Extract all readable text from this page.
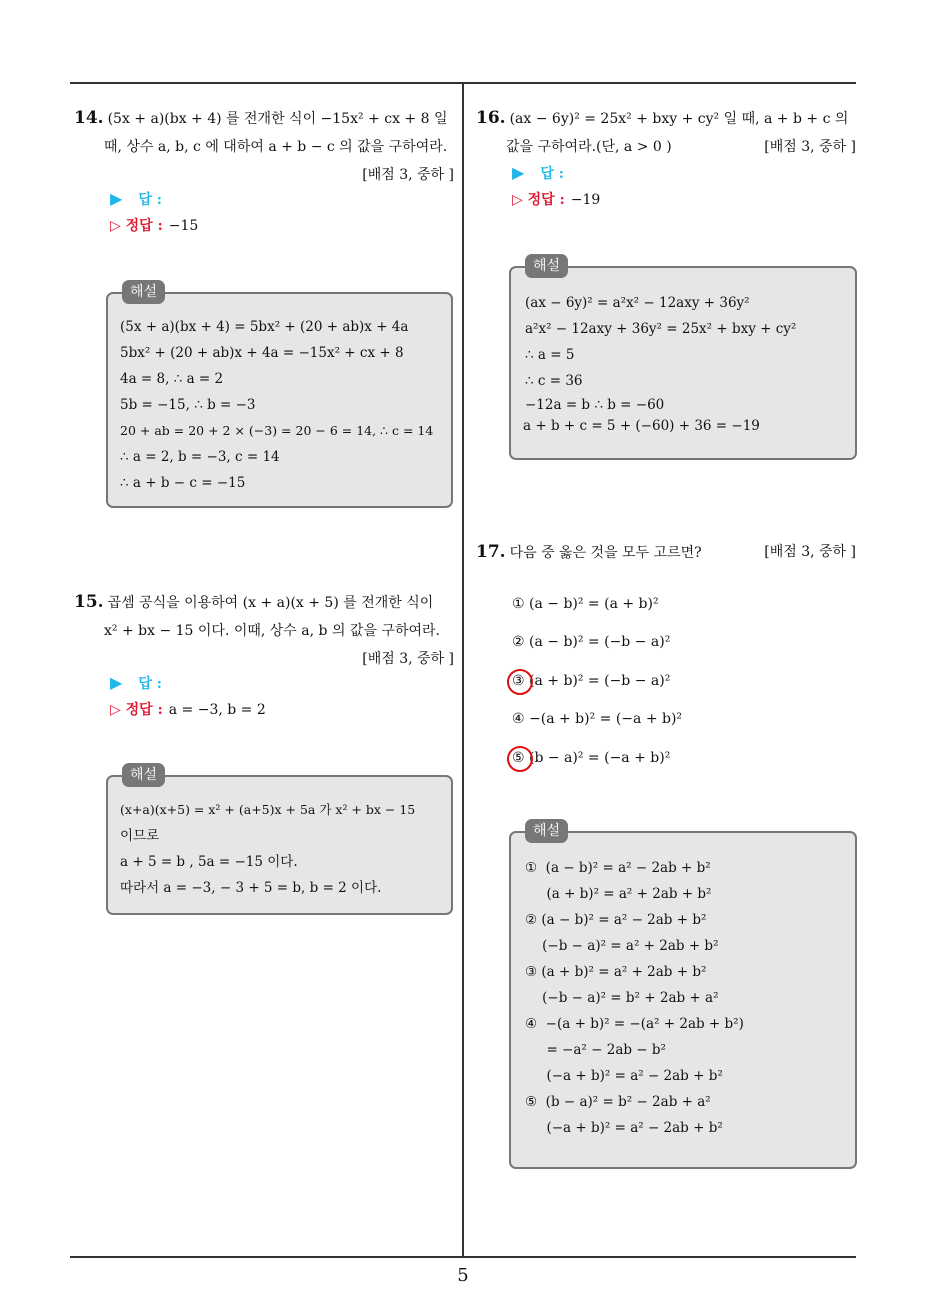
5
14. (5x + a)(bx + 4) 를 전개한 식이 −15x² + cx + 8 일
때, 상수 a, b, c 에 대하여 a + b − c 의 값을 구하여라.
[배점 3, 중하 ]
▶ 답 :
▷ 정답 : −15
해설
(5x + a)(bx + 4) = 5bx² + (20 + ab)x + 4a
5bx² + (20 + ab)x + 4a = −15x² + cx + 8
4a = 8, ∴ a = 2
5b = −15, ∴ b = −3
20 + ab = 20 + 2 × (−3) = 20 − 6 = 14, ∴ c = 14
∴ a = 2, b = −3, c = 14
∴ a + b − c = −15
15. 곱셈 공식을 이용하여 (x + a)(x + 5) 를 전개한 식이
x² + bx − 15 이다. 이때, 상수 a, b 의 값을 구하여라.
[배점 3, 중하 ]
▶ 답 :
▷ 정답 : a = −3, b = 2
해설
(x+a)(x+5) = x² + (a+5)x + 5a 가 x² + bx − 15
이므로
a + 5 = b , 5a = −15 이다.
따라서 a = −3, − 3 + 5 = b, b = 2 이다.
16. (ax − 6y)² = 25x² + bxy + cy² 일 때, a + b + c 의
값을 구하여라.(단, a > 0 )	[배점 3, 중하 ]
▶ 답 :
▷ 정답 : −19
해설
(ax − 6y)² = a²x² − 12axy + 36y²
a²x² − 12axy + 36y² = 25x² + bxy + cy²
∴ a = 5
∴ c = 36
−12a = b ∴ b = −60
a + b + c = 5 + (−60) + 36 = −19
17. 다음 중 옳은 것을 모두 고르면?	[배점 3, 중하 ]
① (a − b)² = (a + b)²
② (a − b)² = (−b − a)²
③ (a + b)² = (−b − a)²
④ −(a + b)² = (−a + b)²
⑤ (b − a)² = (−a + b)²
해설
①  (a − b)² = a² − 2ab + b²
(a + b)² = a² + 2ab + b²
② (a − b)² = a² − 2ab + b²
(−b − a)² = a² + 2ab + b²
③ (a + b)² = a² + 2ab + b²
(−b − a)² = b² + 2ab + a²
④  −(a + b)² = −(a² + 2ab + b²)
= −a² − 2ab − b²
(−a + b)² = a² − 2ab + b²
⑤  (b − a)² = b² − 2ab + a²
(−a + b)² = a² − 2ab + b²
